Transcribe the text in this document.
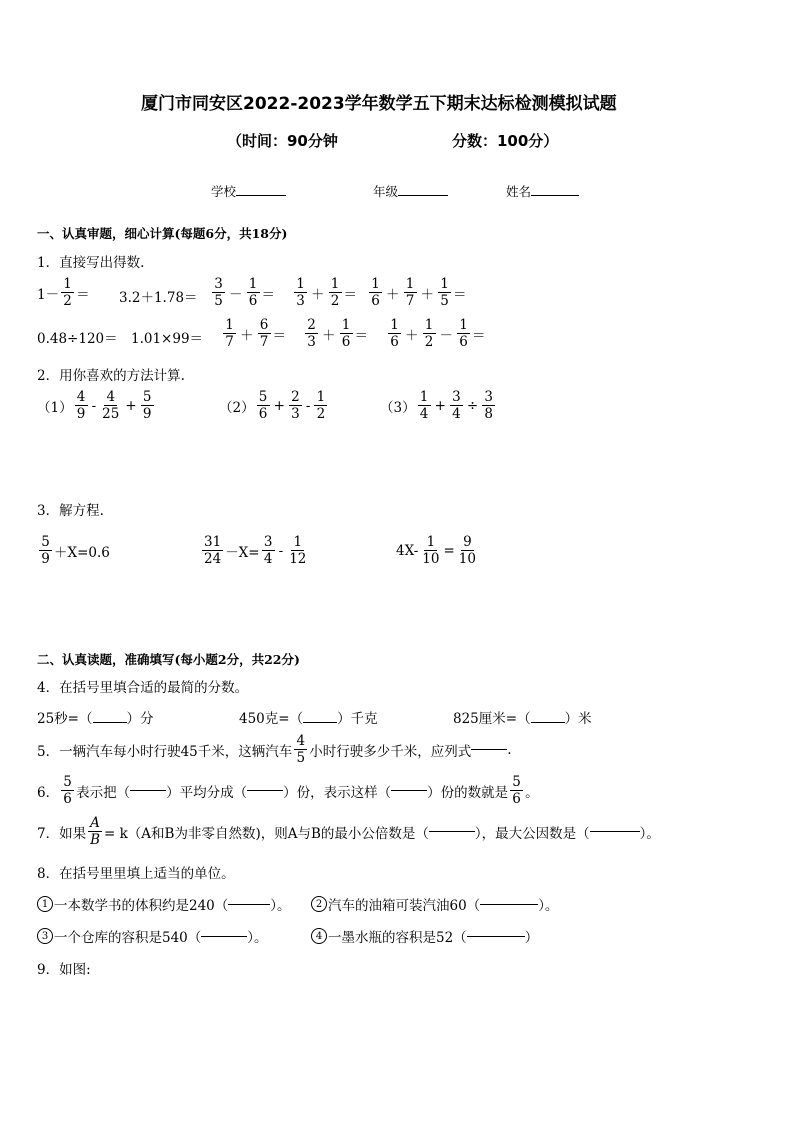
厦门市同安区2022-2023学年数学五下期末达标检测模拟试题
（时间：90分钟	分数：100分）
学校	年级	姓名
一、认真审题，细心计算(每题6分，共18分)
1．直接写出得数.
$1- \frac{1}{2} = 3.2+1.78= \frac{3}{5} - \frac{1}{6} = \frac{1}{3} + \frac{1}{2} = \frac{1}{6} + \frac{1}{7} + \frac{1}{5}$ ＝
$0.48\div 120= 1.01\times 99= \frac{1}{7} + \frac{6}{7} = \frac{2}{3} + \frac{1}{6} = \frac{1}{6} + \frac{1}{2} - \frac{1}{6}$ ＝
2．用你喜欢的方法计算.
$(1) \frac{4}{9} - \frac{4}{25} + \frac{5}{9}$	$(2) \frac{5}{6} + \frac{2}{3} - \frac{1}{2}$	$(3) \frac{1}{4} + \frac{3}{4} \div \frac{3}{8}$
3．解方程.
$\frac{5}{9} +X=0.6$	$\frac{31}{24} -X= \frac{3}{4} - \frac{1}{12}$	$4X- \frac{1}{10} = \frac{9}{10}$
二、认真读题，准确填写(每小题2分，共22分)
4．在括号里填合适的最简的分数。
25秒=（	）分	450克=（	）千克	825厘米=（	）米
5．一辆汽车每小时行驶45千米，这辆汽车 $\frac{4}{5}$ 小时行驶多少千米，应列式	.
6． $\frac{5}{6}$ 表示把（	）平均分成（	）份，表示这样（	）份的数就是 $\frac{5}{6}$ 。
7．如果 $\frac{A}{B} = k(A$和B为非零自然数)，则A与B的最小公倍数是（	），最大公因数是（	）。
8．在括号里里填上适当的单位。
1 一本数学书的体积约是240（	）。	2 汽车的油箱可装汽油60（	）。
3 一个仓库的容积是540（	）。	4 一墨水瓶的容积是52（	）
9．如图:
